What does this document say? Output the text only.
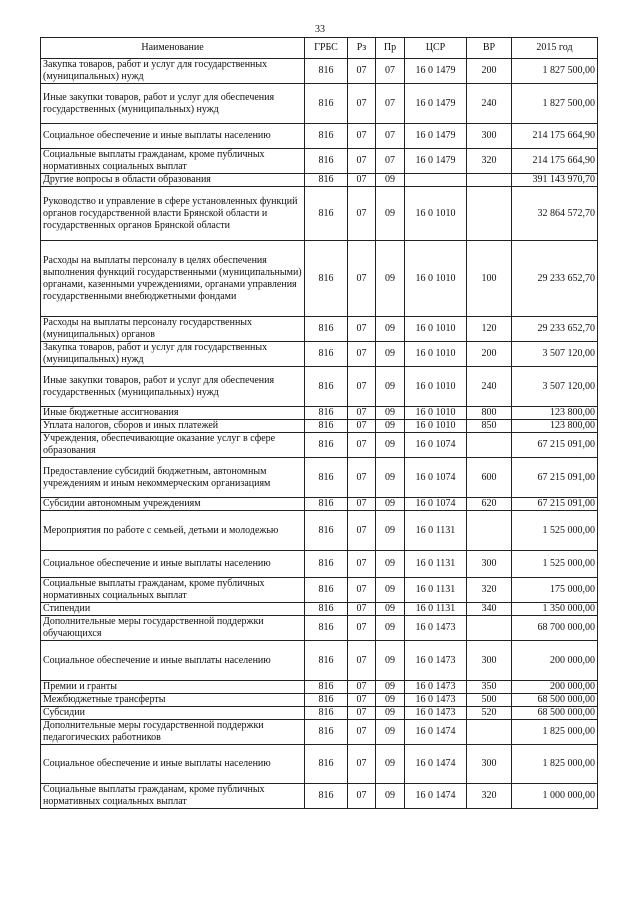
33
Наименование	ГРБС	Рз	Пр	ЦСР	ВР	2015 год
Закупка товаров, работ и услуг для государственных (муниципальных) нужд	816	07	07	16 0 1479	200	1 827 500,00
Иные закупки товаров, работ и услуг для обеспечения государственных (муниципальных) нужд	816	07	07	16 0 1479	240	1 827 500,00
Социальное обеспечение и иные выплаты населению	816	07	07	16 0 1479	300	214 175 664,90
Социальные выплаты гражданам, кроме публичных нормативных социальных выплат	816	07	07	16 0 1479	320	214 175 664,90
Другие вопросы в области образования	816	07	09			391 143 970,70
Руководство и управление в сфере установленных функций органов государственной власти Брянской области и государственных органов Брянской области	816	07	09	16 0 1010		32 864 572,70
Расходы на выплаты персоналу в целях обеспечения выполнения функций государственными (муниципальными) органами, казенными учреждениями, органами управления государственными внебюджетными фондами	816	07	09	16 0 1010	100	29 233 652,70
Расходы на выплаты персоналу государственных (муниципальных) органов	816	07	09	16 0 1010	120	29 233 652,70
Закупка товаров, работ и услуг для государственных (муниципальных) нужд	816	07	09	16 0 1010	200	3 507 120,00
Иные закупки товаров, работ и услуг для обеспечения государственных (муниципальных) нужд	816	07	09	16 0 1010	240	3 507 120,00
Иные бюджетные ассигнования	816	07	09	16 0 1010	800	123 800,00
Уплата налогов, сборов и иных платежей	816	07	09	16 0 1010	850	123 800,00
Учреждения, обеспечивающие оказание услуг в сфере образования	816	07	09	16 0 1074		67 215 091,00
Предоставление субсидий бюджетным, автономным учреждениям и иным некоммерческим организациям	816	07	09	16 0 1074	600	67 215 091,00
Субсидии автономным учреждениям	816	07	09	16 0 1074	620	67 215 091,00
Мероприятия по работе с семьей, детьми и молодежью	816	07	09	16 0 1131		1 525 000,00
Социальное обеспечение и иные выплаты населению	816	07	09	16 0 1131	300	1 525 000,00
Социальные выплаты гражданам, кроме публичных нормативных социальных выплат	816	07	09	16 0 1131	320	175 000,00
Стипендии	816	07	09	16 0 1131	340	1 350 000,00
Дополнительные меры государственной поддержки обучающихся	816	07	09	16 0 1473		68 700 000,00
Социальное обеспечение и иные выплаты населению	816	07	09	16 0 1473	300	200 000,00
Премии и гранты	816	07	09	16 0 1473	350	200 000,00
Межбюджетные трансферты	816	07	09	16 0 1473	500	68 500 000,00
Субсидии	816	07	09	16 0 1473	520	68 500 000,00
Дополнительные меры государственной поддержки педагогических работников	816	07	09	16 0 1474		1 825 000,00
Социальное обеспечение и иные выплаты населению	816	07	09	16 0 1474	300	1 825 000,00
Социальные выплаты гражданам, кроме публичных нормативных социальных выплат	816	07	09	16 0 1474	320	1 000 000,00
